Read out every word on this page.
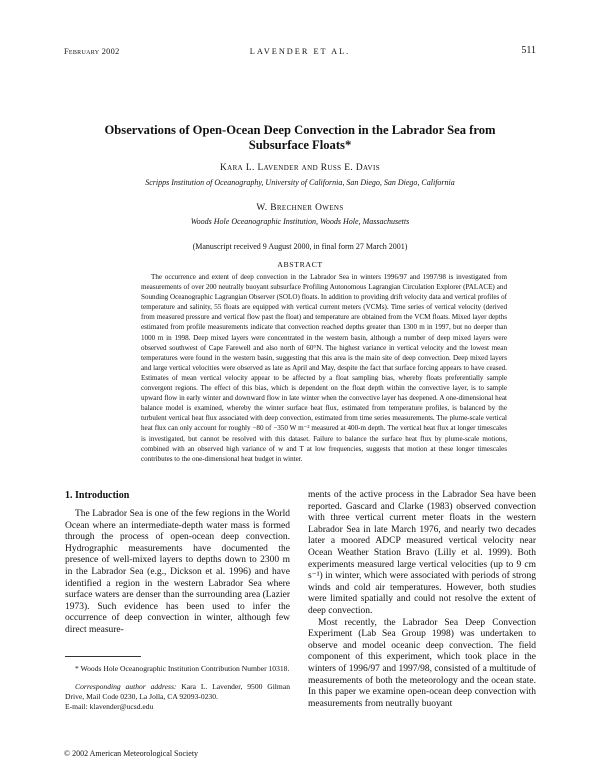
February 2002	LAVENDER ET AL.	511
Observations of Open-Ocean Deep Convection in the Labrador Sea from Subsurface Floats*
Kara L. Lavender and Russ E. Davis
Scripps Institution of Oceanography, University of California, San Diego, San Diego, California
W. Brechner Owens
Woods Hole Oceanographic Institution, Woods Hole, Massachusetts
(Manuscript received 9 August 2000, in final form 27 March 2001)
ABSTRACT
The occurrence and extent of deep convection in the Labrador Sea in winters 1996/97 and 1997/98 is investigated from measurements of over 200 neutrally buoyant subsurface Profiling Autonomous Lagrangian Circulation Explorer (PALACE) and Sounding Oceanographic Lagrangian Observer (SOLO) floats. In addition to providing drift velocity data and vertical profiles of temperature and salinity, 55 floats are equipped with vertical current meters (VCMs). Time series of vertical velocity (derived from measured pressure and vertical flow past the float) and temperature are obtained from the VCM floats. Mixed layer depths estimated from profile measurements indicate that convection reached depths greater than 1300 m in 1997, but no deeper than 1000 m in 1998. Deep mixed layers were concentrated in the western basin, although a number of deep mixed layers were observed southwest of Cape Farewell and also north of 60°N. The highest variance in vertical velocity and the lowest mean temperatures were found in the western basin, suggesting that this area is the main site of deep convection. Deep mixed layers and large vertical velocities were observed as late as April and May, despite the fact that surface forcing appears to have ceased. Estimates of mean vertical velocity appear to be affected by a float sampling bias, whereby floats preferentially sample convergent regions. The effect of this bias, which is dependent on the float depth within the convective layer, is to sample upward flow in early winter and downward flow in late winter when the convective layer has deepened. A one-dimensional heat balance model is examined, whereby the winter surface heat flux, estimated from temperature profiles, is balanced by the turbulent vertical heat flux associated with deep convection, estimated from time series measurements. The plume-scale vertical heat flux can only account for roughly −80 of −350 W m⁻² measured at 400-m depth. The vertical heat flux at longer timescales is investigated, but cannot be resolved with this dataset. Failure to balance the surface heat flux by plume-scale motions, combined with an observed high variance of w and T at low frequencies, suggests that motion at these longer timescales contributes to the one-dimensional heat budget in winter.
1. Introduction

The Labrador Sea is one of the few regions in the World Ocean where an intermediate-depth water mass is formed through the process of open-ocean deep convection. Hydrographic measurements have documented the presence of well-mixed layers to depths down to 2300 m in the Labrador Sea (e.g., Dickson et al. 1996) and have identified a region in the western Labrador Sea where surface waters are denser than the surrounding area (Lazier 1973). Such evidence has been used to infer the occurrence of deep convection in winter, although few direct measure-

* Woods Hole Oceanographic Institution Contribution Number 10318.

Corresponding author address: Kara L. Lavender, 9500 Gilman Drive, Mail Code 0230, La Jolla, CA 92093-0230.
E-mail: klavender@ucsd.edu

ments of the active process in the Labrador Sea have been reported. Gascard and Clarke (1983) observed convection with three vertical current meter floats in the western Labrador Sea in late March 1976, and nearly two decades later a moored ADCP measured vertical velocity near Ocean Weather Station Bravo (Lilly et al. 1999). Both experiments measured large vertical velocities (up to 9 cm s⁻¹) in winter, which were associated with periods of strong winds and cold air temperatures. However, both studies were limited spatially and could not resolve the extent of deep convection.

Most recently, the Labrador Sea Deep Convection Experiment (Lab Sea Group 1998) was undertaken to observe and model oceanic deep convection. The field component of this experiment, which took place in the winters of 1996/97 and 1997/98, consisted of a multitude of measurements of both the meteorology and the ocean state. In this paper we examine open-ocean deep convection with measurements from neutrally buoyant

© 2002 American Meteorological Society
